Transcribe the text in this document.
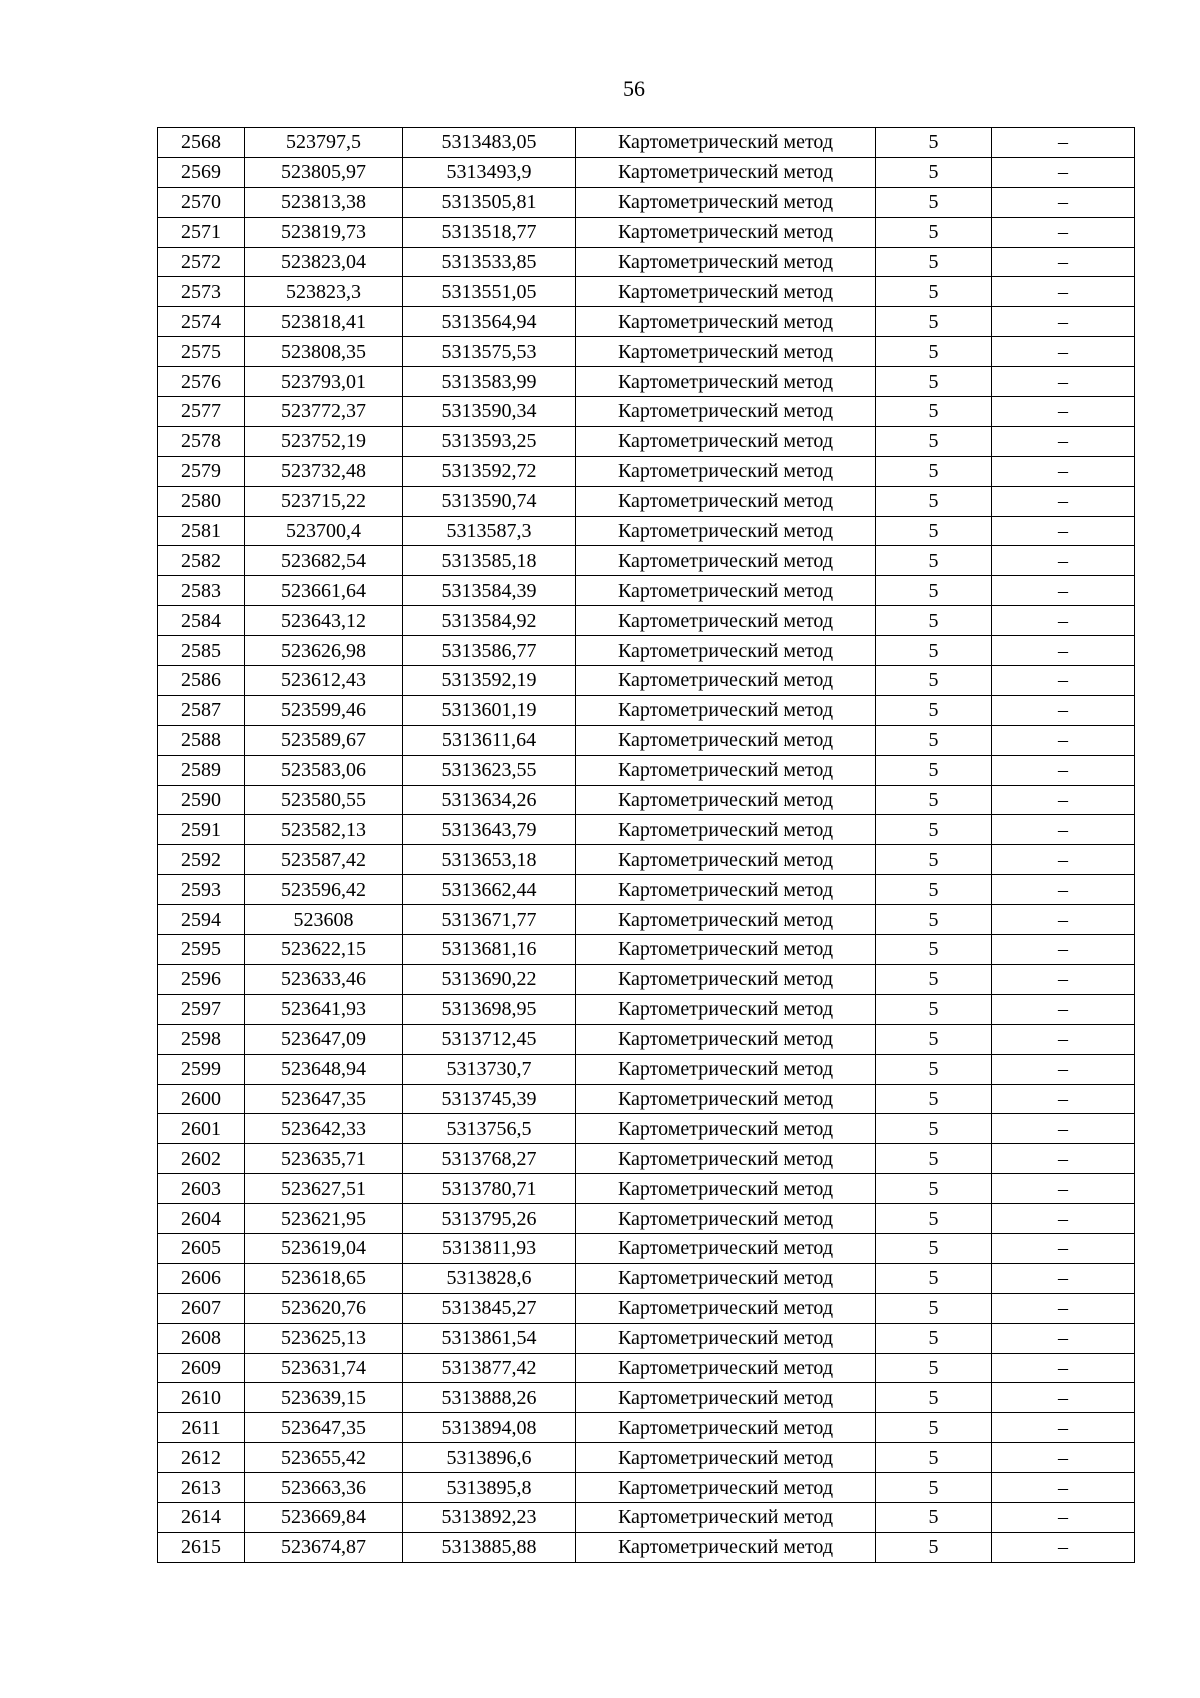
56
2568	523797,5	5313483,05	Картометрический метод	5	–
2569	523805,97	5313493,9	Картометрический метод	5	–
2570	523813,38	5313505,81	Картометрический метод	5	–
2571	523819,73	5313518,77	Картометрический метод	5	–
2572	523823,04	5313533,85	Картометрический метод	5	–
2573	523823,3	5313551,05	Картометрический метод	5	–
2574	523818,41	5313564,94	Картометрический метод	5	–
2575	523808,35	5313575,53	Картометрический метод	5	–
2576	523793,01	5313583,99	Картометрический метод	5	–
2577	523772,37	5313590,34	Картометрический метод	5	–
2578	523752,19	5313593,25	Картометрический метод	5	–
2579	523732,48	5313592,72	Картометрический метод	5	–
2580	523715,22	5313590,74	Картометрический метод	5	–
2581	523700,4	5313587,3	Картометрический метод	5	–
2582	523682,54	5313585,18	Картометрический метод	5	–
2583	523661,64	5313584,39	Картометрический метод	5	–
2584	523643,12	5313584,92	Картометрический метод	5	–
2585	523626,98	5313586,77	Картометрический метод	5	–
2586	523612,43	5313592,19	Картометрический метод	5	–
2587	523599,46	5313601,19	Картометрический метод	5	–
2588	523589,67	5313611,64	Картометрический метод	5	–
2589	523583,06	5313623,55	Картометрический метод	5	–
2590	523580,55	5313634,26	Картометрический метод	5	–
2591	523582,13	5313643,79	Картометрический метод	5	–
2592	523587,42	5313653,18	Картометрический метод	5	–
2593	523596,42	5313662,44	Картометрический метод	5	–
2594	523608	5313671,77	Картометрический метод	5	–
2595	523622,15	5313681,16	Картометрический метод	5	–
2596	523633,46	5313690,22	Картометрический метод	5	–
2597	523641,93	5313698,95	Картометрический метод	5	–
2598	523647,09	5313712,45	Картометрический метод	5	–
2599	523648,94	5313730,7	Картометрический метод	5	–
2600	523647,35	5313745,39	Картометрический метод	5	–
2601	523642,33	5313756,5	Картометрический метод	5	–
2602	523635,71	5313768,27	Картометрический метод	5	–
2603	523627,51	5313780,71	Картометрический метод	5	–
2604	523621,95	5313795,26	Картометрический метод	5	–
2605	523619,04	5313811,93	Картометрический метод	5	–
2606	523618,65	5313828,6	Картометрический метод	5	–
2607	523620,76	5313845,27	Картометрический метод	5	–
2608	523625,13	5313861,54	Картометрический метод	5	–
2609	523631,74	5313877,42	Картометрический метод	5	–
2610	523639,15	5313888,26	Картометрический метод	5	–
2611	523647,35	5313894,08	Картометрический метод	5	–
2612	523655,42	5313896,6	Картометрический метод	5	–
2613	523663,36	5313895,8	Картометрический метод	5	–
2614	523669,84	5313892,23	Картометрический метод	5	–
2615	523674,87	5313885,88	Картометрический метод	5	–
